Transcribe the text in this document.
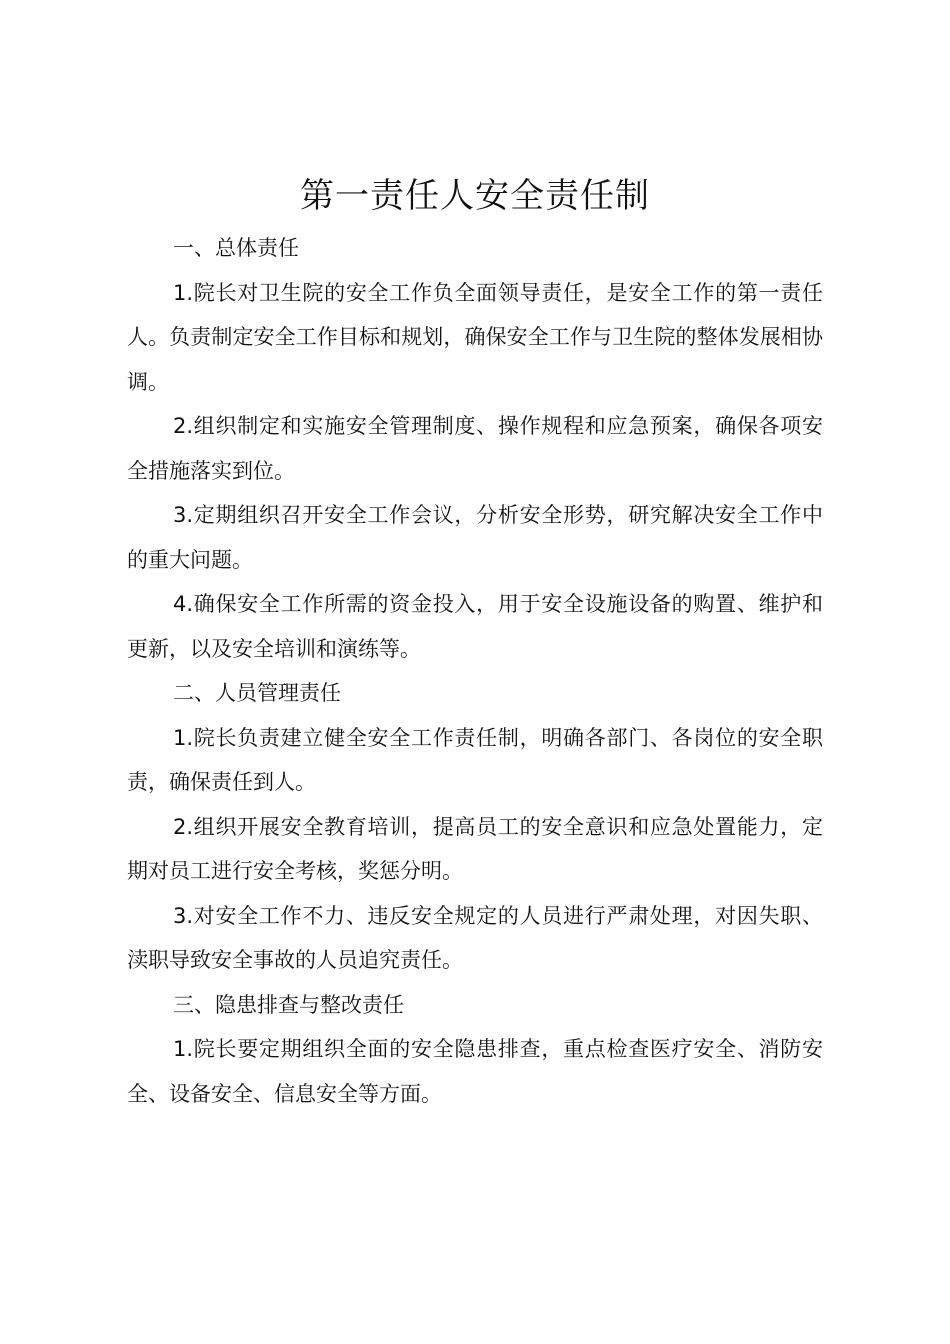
第一责任人安全责任制

一、总体责任

1.院长对卫生院的安全工作负全面领导责任，是安全工作的第一责任人。负责制定安全工作目标和规划，确保安全工作与卫生院的整体发展相协调。

2.组织制定和实施安全管理制度、操作规程和应急预案，确保各项安全措施落实到位。

3.定期组织召开安全工作会议，分析安全形势，研究解决安全工作中的重大问题。

4.确保安全工作所需的资金投入，用于安全设施设备的购置、维护和更新，以及安全培训和演练等。

二、人员管理责任

1.院长负责建立健全安全工作责任制，明确各部门、各岗位的安全职责，确保责任到人。

2.组织开展安全教育培训，提高员工的安全意识和应急处置能力，定期对员工进行安全考核，奖惩分明。

3.对安全工作不力、违反安全规定的人员进行严肃处理，对因失职、渎职导致安全事故的人员追究责任。

三、隐患排查与整改责任

1.院长要定期组织全面的安全隐患排查，重点检查医疗安全、消防安全、设备安全、信息安全等方面。
